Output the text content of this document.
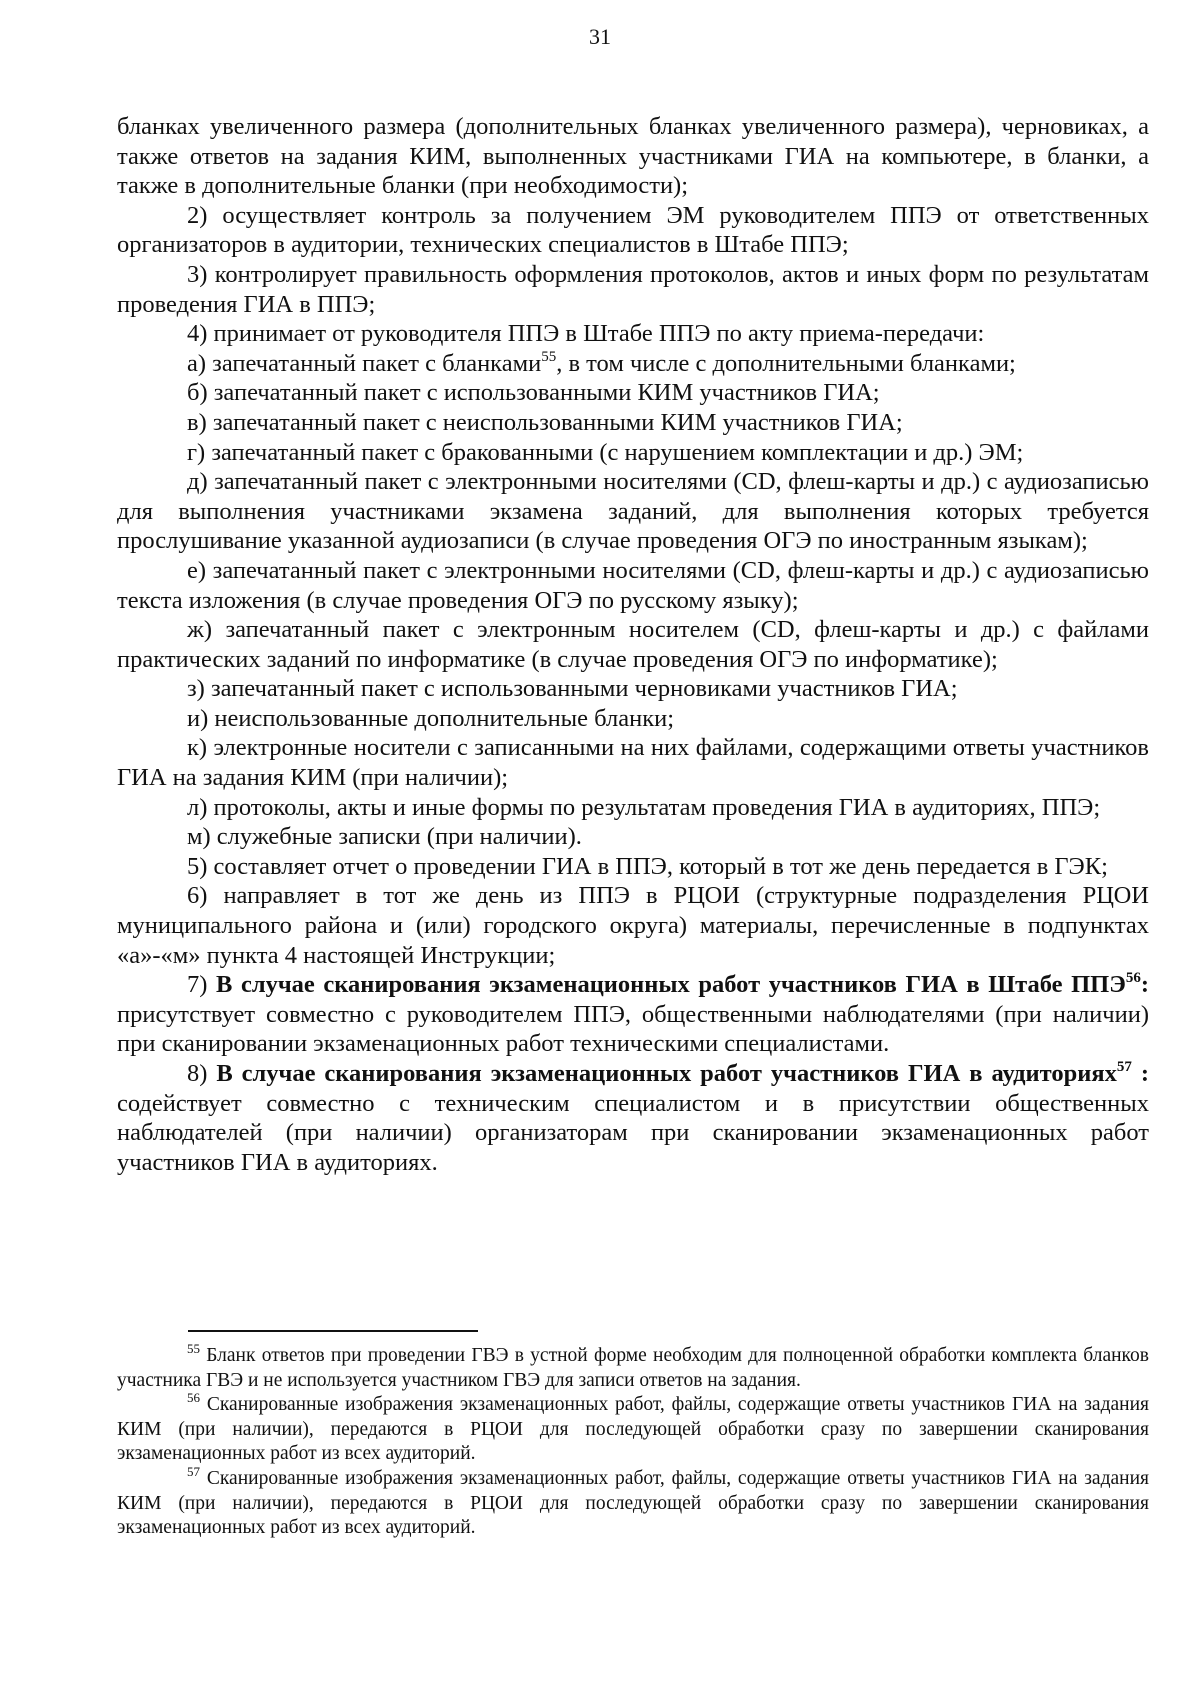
31

бланках увеличенного размера (дополнительных бланках увеличенного размера), черновиках, а также ответов на задания КИМ, выполненных участниками ГИА на компьютере, в бланки, а также в дополнительные бланки (при необходимости);

2) осуществляет контроль за получением ЭМ руководителем ППЭ от ответственных организаторов в аудитории, технических специалистов в Штабе ППЭ;

3) контролирует правильность оформления протоколов, актов и иных форм по результатам проведения ГИА в ППЭ;

4) принимает от руководителя ППЭ в Штабе ППЭ по акту приема-передачи:

а) запечатанный пакет с бланками$^{55}$, в том числе с дополнительными бланками;

б) запечатанный пакет с использованными КИМ участников ГИА;

в) запечатанный пакет с неиспользованными КИМ участников ГИА;

г) запечатанный пакет с бракованными (с нарушением комплектации и др.) ЭМ;

д) запечатанный пакет с электронными носителями (CD, флеш-карты и др.) с аудиозаписью для выполнения участниками экзамена заданий, для выполнения которых требуется прослушивание указанной аудиозаписи (в случае проведения ОГЭ по иностранным языкам);

е) запечатанный пакет с электронными носителями (CD, флеш-карты и др.) с аудиозаписью текста изложения (в случае проведения ОГЭ по русскому языку);

ж) запечатанный пакет с электронным носителем (CD, флеш-карты и др.) с файлами практических заданий по информатике (в случае проведения ОГЭ по информатике);

з) запечатанный пакет с использованными черновиками участников ГИА;

и) неиспользованные дополнительные бланки;

к) электронные носители с записанными на них файлами, содержащими ответы участников ГИА на задания КИМ (при наличии);

л) протоколы, акты и иные формы по результатам проведения ГИА в аудиториях, ППЭ;

м) служебные записки (при наличии).

5) составляет отчет о проведении ГИА в ППЭ, который в тот же день передается в ГЭК;

6) направляет в тот же день из ППЭ в РЦОИ (структурные подразделения РЦОИ муниципального района и (или) городского округа) материалы, перечисленные в подпунктах «а»-«м» пункта 4 настоящей Инструкции;

7) В случае сканирования экзаменационных работ участников ГИА в Штабе ППЭ$^{56}$: присутствует совместно с руководителем ППЭ, общественными наблюдателями (при наличии) при сканировании экзаменационных работ техническими специалистами.

8) В случае сканирования экзаменационных работ участников ГИА в аудиториях$^{57}$ : содействует совместно с техническим специалистом и в присутствии общественных наблюдателей (при наличии) организаторам при сканировании экзаменационных работ участников ГИА в аудиториях.

$^{55}$ Бланк ответов при проведении ГВЭ в устной форме необходим для полноценной обработки комплекта бланков участника ГВЭ и не используется участником ГВЭ для записи ответов на задания.

$^{56}$ Сканированные изображения экзаменационных работ, файлы, содержащие ответы участников ГИА на задания КИМ (при наличии), передаются в РЦОИ для последующей обработки сразу по завершении сканирования экзаменационных работ из всех аудиторий.

$^{57}$ Сканированные изображения экзаменационных работ, файлы, содержащие ответы участников ГИА на задания КИМ (при наличии), передаются в РЦОИ для последующей обработки сразу по завершении сканирования экзаменационных работ из всех аудиторий.
